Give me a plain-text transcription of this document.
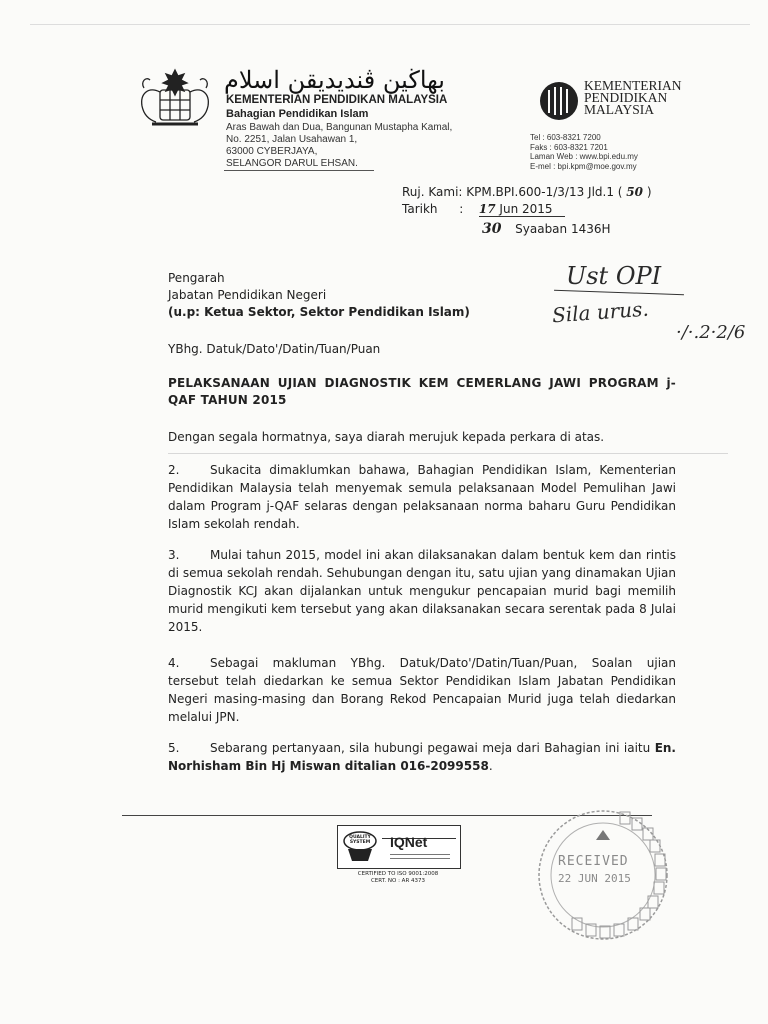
بهاڬين ڤنديديقن اسلام
KEMENTERIAN PENDIDIKAN MALAYSIA
Bahagian Pendidikan Islam
Aras Bawah dan Dua, Bangunan Mustapha Kamal,
No. 2251, Jalan Usahawan 1,
63000 CYBERJAYA,
SELANGOR DARUL EHSAN.
KEMENTERIAN
PENDIDIKAN
MALAYSIA
Tel : 603-8321 7200
Faks : 603-8321 7201
Laman Web : www.bpi.edu.my
E-mel : bpi.kpm@moe.gov.my
Ruj. Kami: KPM.BPI.600-1/3/13 Jld.1 ( 50 )
Tarikh : 17 Jun 2015
30 Syaaban 1436H
Ust OPI
Sila urus.
·/·.2·2/6
Pengarah
Jabatan Pendidikan Negeri
(u.p: Ketua Sektor, Sektor Pendidikan Islam)
YBhg. Datuk/Dato'/Datin/Tuan/Puan
PELAKSANAAN UJIAN DIAGNOSTIK KEM CEMERLANG JAWI PROGRAM j-QAF TAHUN 2015
Dengan segala hormatnya, saya diarah merujuk kepada perkara di atas.
2.	Sukacita dimaklumkan bahawa, Bahagian Pendidikan Islam, Kementerian Pendidikan Malaysia telah menyemak semula pelaksanaan Model Pemulihan Jawi dalam Program j-QAF selaras dengan pelaksanaan norma baharu Guru Pendidikan Islam sekolah rendah.
3.	Mulai tahun 2015, model ini akan dilaksanakan dalam bentuk kem dan rintis di semua sekolah rendah. Sehubungan dengan itu, satu ujian yang dinamakan Ujian Diagnostik KCJ akan dijalankan untuk mengukur pencapaian murid bagi memilih murid mengikuti kem tersebut yang akan dilaksanakan secara serentak pada 8 Julai 2015.
4.	Sebagai makluman YBhg. Datuk/Dato'/Datin/Tuan/Puan, Soalan ujian tersebut telah diedarkan ke semua Sektor Pendidikan Islam Jabatan Pendidikan Negeri masing-masing dan Borang Rekod Pencapaian Murid juga telah diedarkan melalui JPN.
5.	Sebarang pertanyaan, sila hubungi pegawai meja dari Bahagian ini iaitu En. Norhisham Bin Hj Miswan ditalian 016-2099558.
QUALITY
SYSTEM IQNet
CERTIFIED TO ISO 9001:2008
CERT. NO : AR 4373
RECEIVED
22 JUN 2015
